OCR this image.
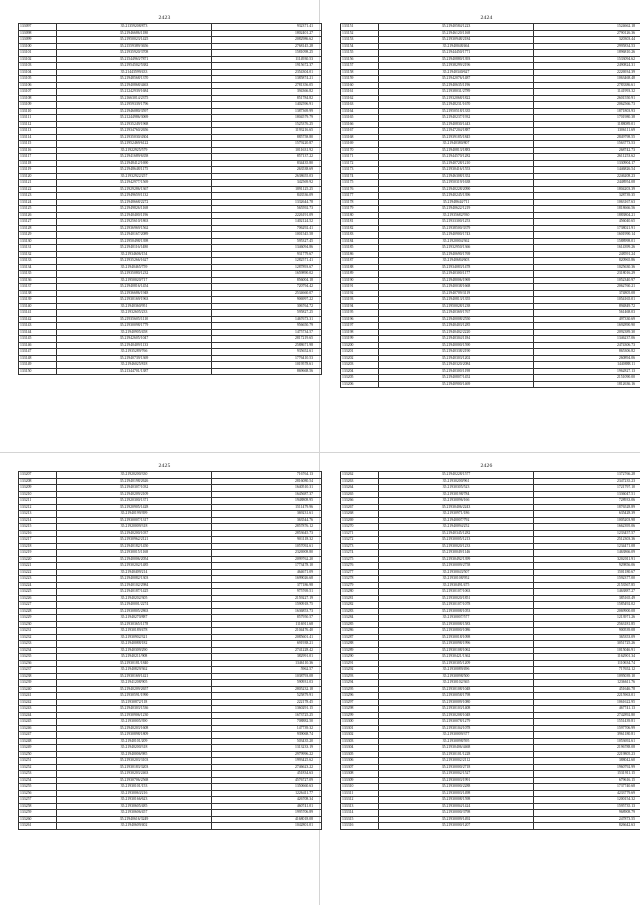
2423
133097	35.21359208/873	932371.41
133098	35.21946686/1180	1802401.27
133099	35.21950023/1425	2082986.62
133100	35.21559389/3656	2768145.28
133101	35.21935920/3708	1581098.25
133102	35.21544963/7871	1114930.53
133103	35.21954502/5382	1915672.37
133104	35.21443599/433	2354304.01
133105	35.21948568/1370	1385874.21
133106	35.21940868/4463	2781356.05
133107	35.21242939/1684	394366.82
133108	35.21663014/2375	851784.82
133109	35.21959339/1796	1402596.91
133110	35.21946080/3597	1387369.99
133111	35.21244986/3069	1804579.79
133112	35.21935249/1968	1525376.25
133113	35.21934760/2656	1193216.65
133114	35.21935030/4304	885758.80
133115	35.21952469/6122	1579220.87
133116	35.21922925/579	1011631.92
133117	35.21941689/6358	857137.22
133118	35.21948412/1690	834435.80
133119	35.21948648/1175	263538.69
133120	35.21932922/257	2638655.03
133121	35.21942977/1569	342569.92
133122	35.21929286/1367	1891125.25
133123	35.21949659/1132	843536.09
133124	35.21948668/2272	1332644.78
133125	35.21949826/1168	565592.73
133126	35.21940400/1196	2226191.09
133127	35.21925610/1863	1402124.52
133128	35.21936969/1562	706292.41
133129	35.21940167/2089	1001545.58
133130	35.21950498/1398	595327.45
133131	35.21940116/1480	1346094.86
133132	35.21934606/154	931779.67
133133	35.21935266/1627	1282571.41
133134	35.21940465/759	1287893.67
133135	35.21935080/1232	1659890.02
133136	35.21950020/717	856004.18
133137	35.21940816/1454	720794.42
133138	35.21936686/1948	2534660.07
133139	35.21930169/1963	906997.22
133140	35.21940360/951	306764.72
133141	35.21932605/233	595827.25
133142	35.21935605/1110	1467673.31
133143	35.21930098/1779	956650.79
133144	35.21940905/458	1475734.57
133145	35.21942605/1047	2817219.65
133146	35.21940409/1133	2588671.98
133147	35.21935289/766	935652.61
133148	35.21940739/1369	1776410.53
133149	35.21946025/818	1019578.61
133150	35.21344701/1387	869668.56
2424
133151	35.21940584/1223	1524662.18
133152	35.21946120/1168	2790126.36
133153	35.21930948/2184	320303.44
133154	35.21940048/464	2995834.53
133155	35.21944450/1771	1896810.26
133156	35.21940880/1393	1533094.62
133157	35.21938299/2196	2490824.31
133158	35.21940340/627	2226934.39
133159	35.21942076/1487	1063468.48
133160	35.21940635/1196	2783386.61
133161	35.21938031/2789	1141993.32
133162	35.21932068/1822	2601550.91
133163	35.21948231/1670	2062566.73
133164	35.21950518/1335	1871803.93
133165	35.21940237/1932	1701980.38
133166	35.21940830/1443	1188089.01
133167	35.21947204/1887	1306111.69
133168	35.21939185/1845	2849798.55
133169	35.21940380/807	1563773.53
133170	35.21940813/1883	268742.73
133171	35.21944570/1282	2611253.62
133172	35.21940728/1210	1330904.17
133173	35.21930416/1553	1446826.54
133174	35.21946308/1352	2246208.23
133175	35.21950319/1638	2448954.08
133176	35.21940228/2090	1804203.39
133177	35.21940245/1396	328739.35
133178	35.21948644/711	1063167.63
133179	35.21940622/1219	1818666.56
133180	35.21935682/930	1883804.21
133181	35.21933300/1253	456040.65
133182	35.21938500/3379	1738021.91
133183	35.21940900/1743	1601990.14
133184	35.21920004/362	1588998.01
133185	35.21932950/1366	1614399.26
133186	35.21940690/1769	248591.24
133187	35.21940684/603	820965.86
133188	35.21934083/1478	1025630.36
133189	35.21940300/1177	2318016.29
133190	35.21948006/1969	1052340.97
133191	35.21940038/1668	2062760.21
133192	35.21940709/3119	374805.08
133193	35.21940813/1355	1054165.01
133194	35.21950028/1238	894849.72
133195	35.21940369/1767	561468.03
133196	35.21940008/2550	497330.69
133197	35.21940403/1285	1692890.90
133198	35.21940402/2220	2092389.30
133199	35.21940304/1184	1346237.06
133200	35.21940000/1590	2474306.73
133201	35.21940338/2190	865306.82
133202	35.21940303/1202	260894.06
133203	35.21940320/2084	1440888.11
133204	35.21940300/1198	1962827.13
133205	35.21940807/1452	2151090.00
133206	35.21940900/1469	1812636.16
2425
133207	35.21920200/330	716764.13
133208	35.21940198/2626	2816080.54
133209	35.21940307/1032	1640510.31
133210	35.21940209/2109	1645687.37
133211	35.21920300/1371	1948808.95
133212	35.21920905/1428	1511479.96
133213	35.21940199/399	369231.61
133214	35.21930007/1317	363544.76
133215	35.21920009/318	2857876.12
133216	35.21940200/1037	2853645.73
133217	35.21930962/2121	901118.32
133218	35.21940182/1450	1057092.61
133219	35.21930015/1168	2326908.80
133220	35.21940006/2054	2099762.20
133221	35.21930202/1485	1773478.10
133222	35.21940409/214	464671.09
133223	35.21940082/1303	1699026.68
133224	35.21940102/2984	377186.98
133225	35.21940187/1425	975769.51
133226	35.21940202/305	2159227.19
133227	35.21940001/2274	1590918.75
133228	35.21930805/2863	1636853.73
133229	35.21940270/887	857950.57
133230	35.21930365/1178	1116911.68
133231	35.21930189/478	2104476.40
133232	35.21930902/321	2085601.41
133233	35.21940088/182	691938.21
133234	35.21940309/290	2741228.42
133235	35.21940211/908	382991.01
133236	35.21930181/1840	1346110.36
133237	35.21940829/362	5962.57
133238	35.21930169/1421	1038793.08
133239	35.21941208/905	590931.03
133240	35.21940209/2657	2805232.18
133241	35.21930591/1990	525879.91
133242	35.21930872/118	222178.45
133243	35.21940303/1536	1360291.15
133244	35.21930906/1230	1673725.25
133245	35.21930005/390	708882.50
133246	35.21940203/1608	147739.32
133247	35.21930898/1809	939068.74
133248	35.21940101/209	503435.20
133249	35.21940200/318	1313233.19
133250	35.21940006/985	2979996.22
133251	35.21930203/3103	1993425.62
133252	35.21930183/3203	2746623.22
133253	35.21930203/2463	451834.63
133254	35.21930706/2568	4576727.09
133255	35.21930101/153	1350660.63
133256	35.21930063/216	1226411.77
133257	35.21930166/623	426708.34
133258	35.21930605/485	460741.01
133259	35.21930606/457	1995706.89
133260	35.21940616/3249	4168018.08
133261	35.21940609/402	1042801.01
2426
133262	35.21940228/1577	1372766.28
133263	35.21930200/961	2347235.23
133264	35.21930305/523	1721797.10
133265	35.21930198/784	1336047.51
133266	35.21930096/166	728933.06
133267	35.21930406/2243	1876528.89
133268	35.21930971/186	635428.39
133269	35.21940007/792	1005203.98
133270	35.21940094/252	1662395.06
133271	35.21940345/1282	1233457.57
133272	35.21930005/1213	2512303.36
133273	35.21930020/1233	1234471.08
133274	35.21930049/1146	1463866.09
133275	35.21930492/1399	3202011.91
133276	35.21930009/2758	929856.06
133277	35.21930043/507	1501180.67
133278	35.21930108/952	1592377.00
133279	35.21930491/475	2153567.85
133280	35.21930107/1063	1463887.27
133281	35.21930020/1851	385165.49
133282	35.21930107/1078	1585492.02
133283	35.21930008/1053	2069900.08
133284	35.21930007/577	1213971.26
133285	35.21930008/1583	2563181.85
133286	35.21930800/1086	900539.08
133287	35.21930018/1098	365353.09
133288	35.21930098/1996	3051725.26
133289	35.21930108/1062	1015046.91
133290	35.21930421/1362	1162901.34
133291	35.21930305/1209	1110634.74
133292	35.21930089/496	717652.12
133293	35.21930098/500	1095039.10
133294	35.21930102/365	1236611.76
133295	35.21930108/1048	451646.78
133296	35.21930058/1798	2215963.01
133297	35.21930009/1080	1061622.95
133298	35.21930103/1408	467741.13
133299	35.21930208/1048	2742892.80
133300	35.21930078/1279	1551439.81
133301	35.21930104/1078	1597706.99
133302	35.21930009/377	3961180.81
133303	35.21930098/595	1053692.61
133304	35.21930406/4468	2196788.08
133305	35.21930101/1228	2219805.23
133306	35.21930002/2112	388042.60
133307	35.21930000/2718	1960792.99
133308	35.21930002/1527	1531911.15
133309	35.21930003/1991	679616.15
133310	35.21930000/2288	1737740.68
133311	35.21930003/1498	4233779.69
133312	35.21930008/1598	1200154.32
133313	35.21930004/1424	1595735.13
133314	35.21930000/3798	968908.79
133315	35.21930009/1492	247873.55
133316	35.21930000/1207	826642.63
